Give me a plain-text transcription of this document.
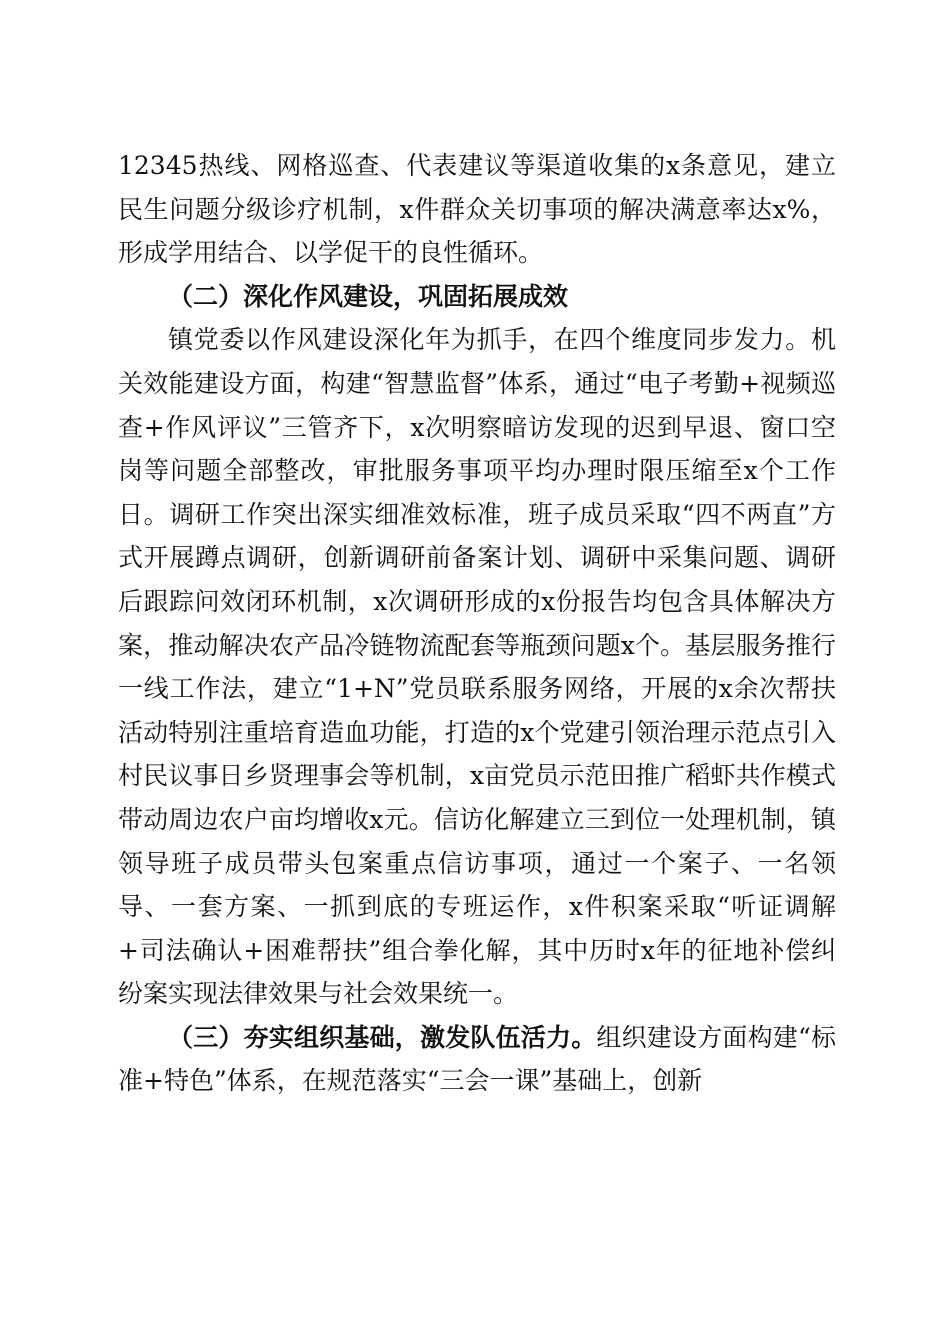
12345热线、网格巡查、代表建议等渠道收集的x条意见，建立民生问题分级诊疗机制，x件群众关切事项的解决满意率达x%，形成学用结合、以学促干的良性循环。

（二）深化作风建设，巩固拓展成效

镇党委以作风建设深化年为抓手，在四个维度同步发力。机关效能建设方面，构建“智慧监督”体系，通过“电子考勤+视频巡查+作风评议”三管齐下，x次明察暗访发现的迟到早退、窗口空岗等问题全部整改，审批服务事项平均办理时限压缩至x个工作日。调研工作突出深实细准效标准，班子成员采取“四不两直”方式开展蹲点调研，创新调研前备案计划、调研中采集问题、调研后跟踪问效闭环机制，x次调研形成的x份报告均包含具体解决方案，推动解决农产品冷链物流配套等瓶颈问题x个。基层服务推行一线工作法，建立“1+N”党员联系服务网络，开展的x余次帮扶活动特别注重培育造血功能，打造的x个党建引领治理示范点引入村民议事日乡贤理事会等机制，x亩党员示范田推广稻虾共作模式带动周边农户亩均增收x元。信访化解建立三到位一处理机制，镇领导班子成员带头包案重点信访事项，通过一个案子、一名领导、一套方案、一抓到底的专班运作，x件积案采取“听证调解+司法确认+困难帮扶”组合拳化解，其中历时x年的征地补偿纠纷案实现法律效果与社会效果统一。

（三）夯实组织基础，激发队伍活力。组织建设方面构建“标准+特色”体系，在规范落实“三会一课”基础上，创新
